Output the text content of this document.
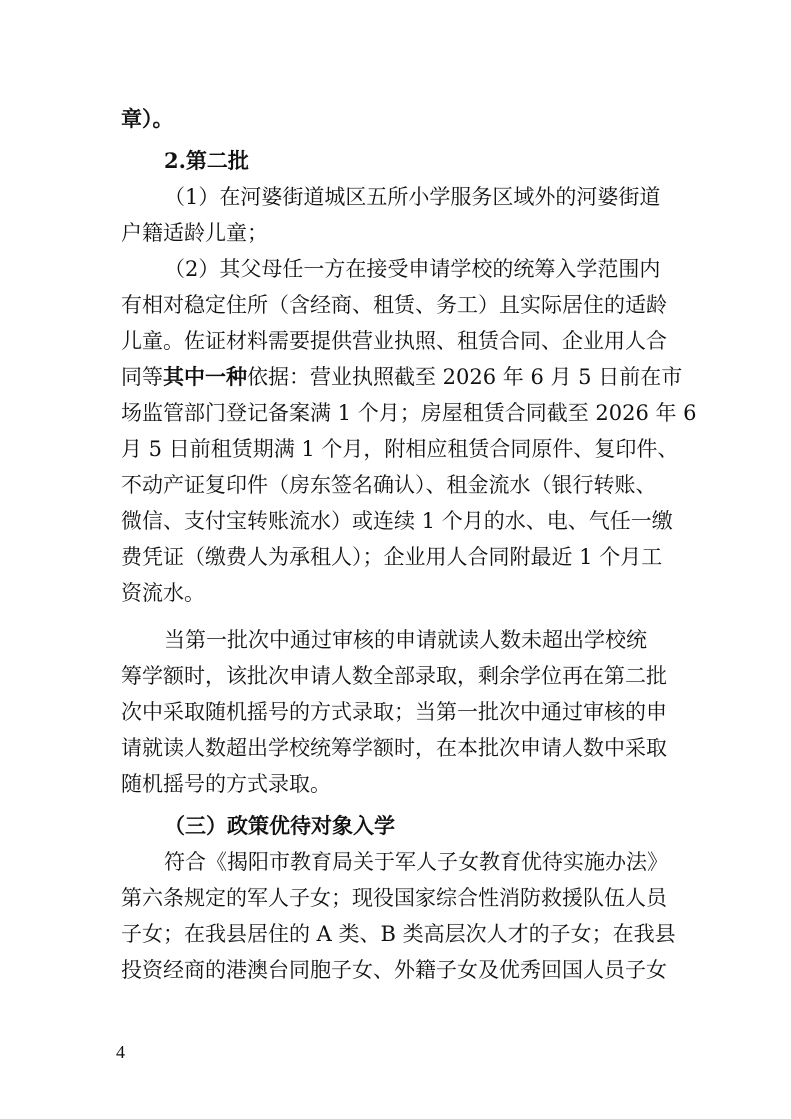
章）。
2.第二批
（1）在河婆街道城区五所小学服务区域外的河婆街道
户籍适龄儿童；
（2）其父母任一方在接受申请学校的统筹入学范围内
有相对稳定住所（含经商、租赁、务工）且实际居住的适龄
儿童。佐证材料需要提供营业执照、租赁合同、企业用人合
同等其中一种依据：营业执照截至 2026 年 6 月 5 日前在市
场监管部门登记备案满 1 个月；房屋租赁合同截至 2026 年 6
月 5 日前租赁期满 1 个月，附相应租赁合同原件、复印件、
不动产证复印件（房东签名确认）、租金流水（银行转账、
微信、支付宝转账流水）或连续 1 个月的水、电、气任一缴
费凭证（缴费人为承租人）；企业用人合同附最近 1 个月工
资流水。
当第一批次中通过审核的申请就读人数未超出学校统
筹学额时，该批次申请人数全部录取，剩余学位再在第二批
次中采取随机摇号的方式录取；当第一批次中通过审核的申
请就读人数超出学校统筹学额时，在本批次申请人数中采取
随机摇号的方式录取。
（三）政策优待对象入学
符合《揭阳市教育局关于军人子女教育优待实施办法》
第六条规定的军人子女；现役国家综合性消防救援队伍人员
子女；在我县居住的 A 类、B 类高层次人才的子女；在我县
投资经商的港澳台同胞子女、外籍子女及优秀回国人员子女
4
